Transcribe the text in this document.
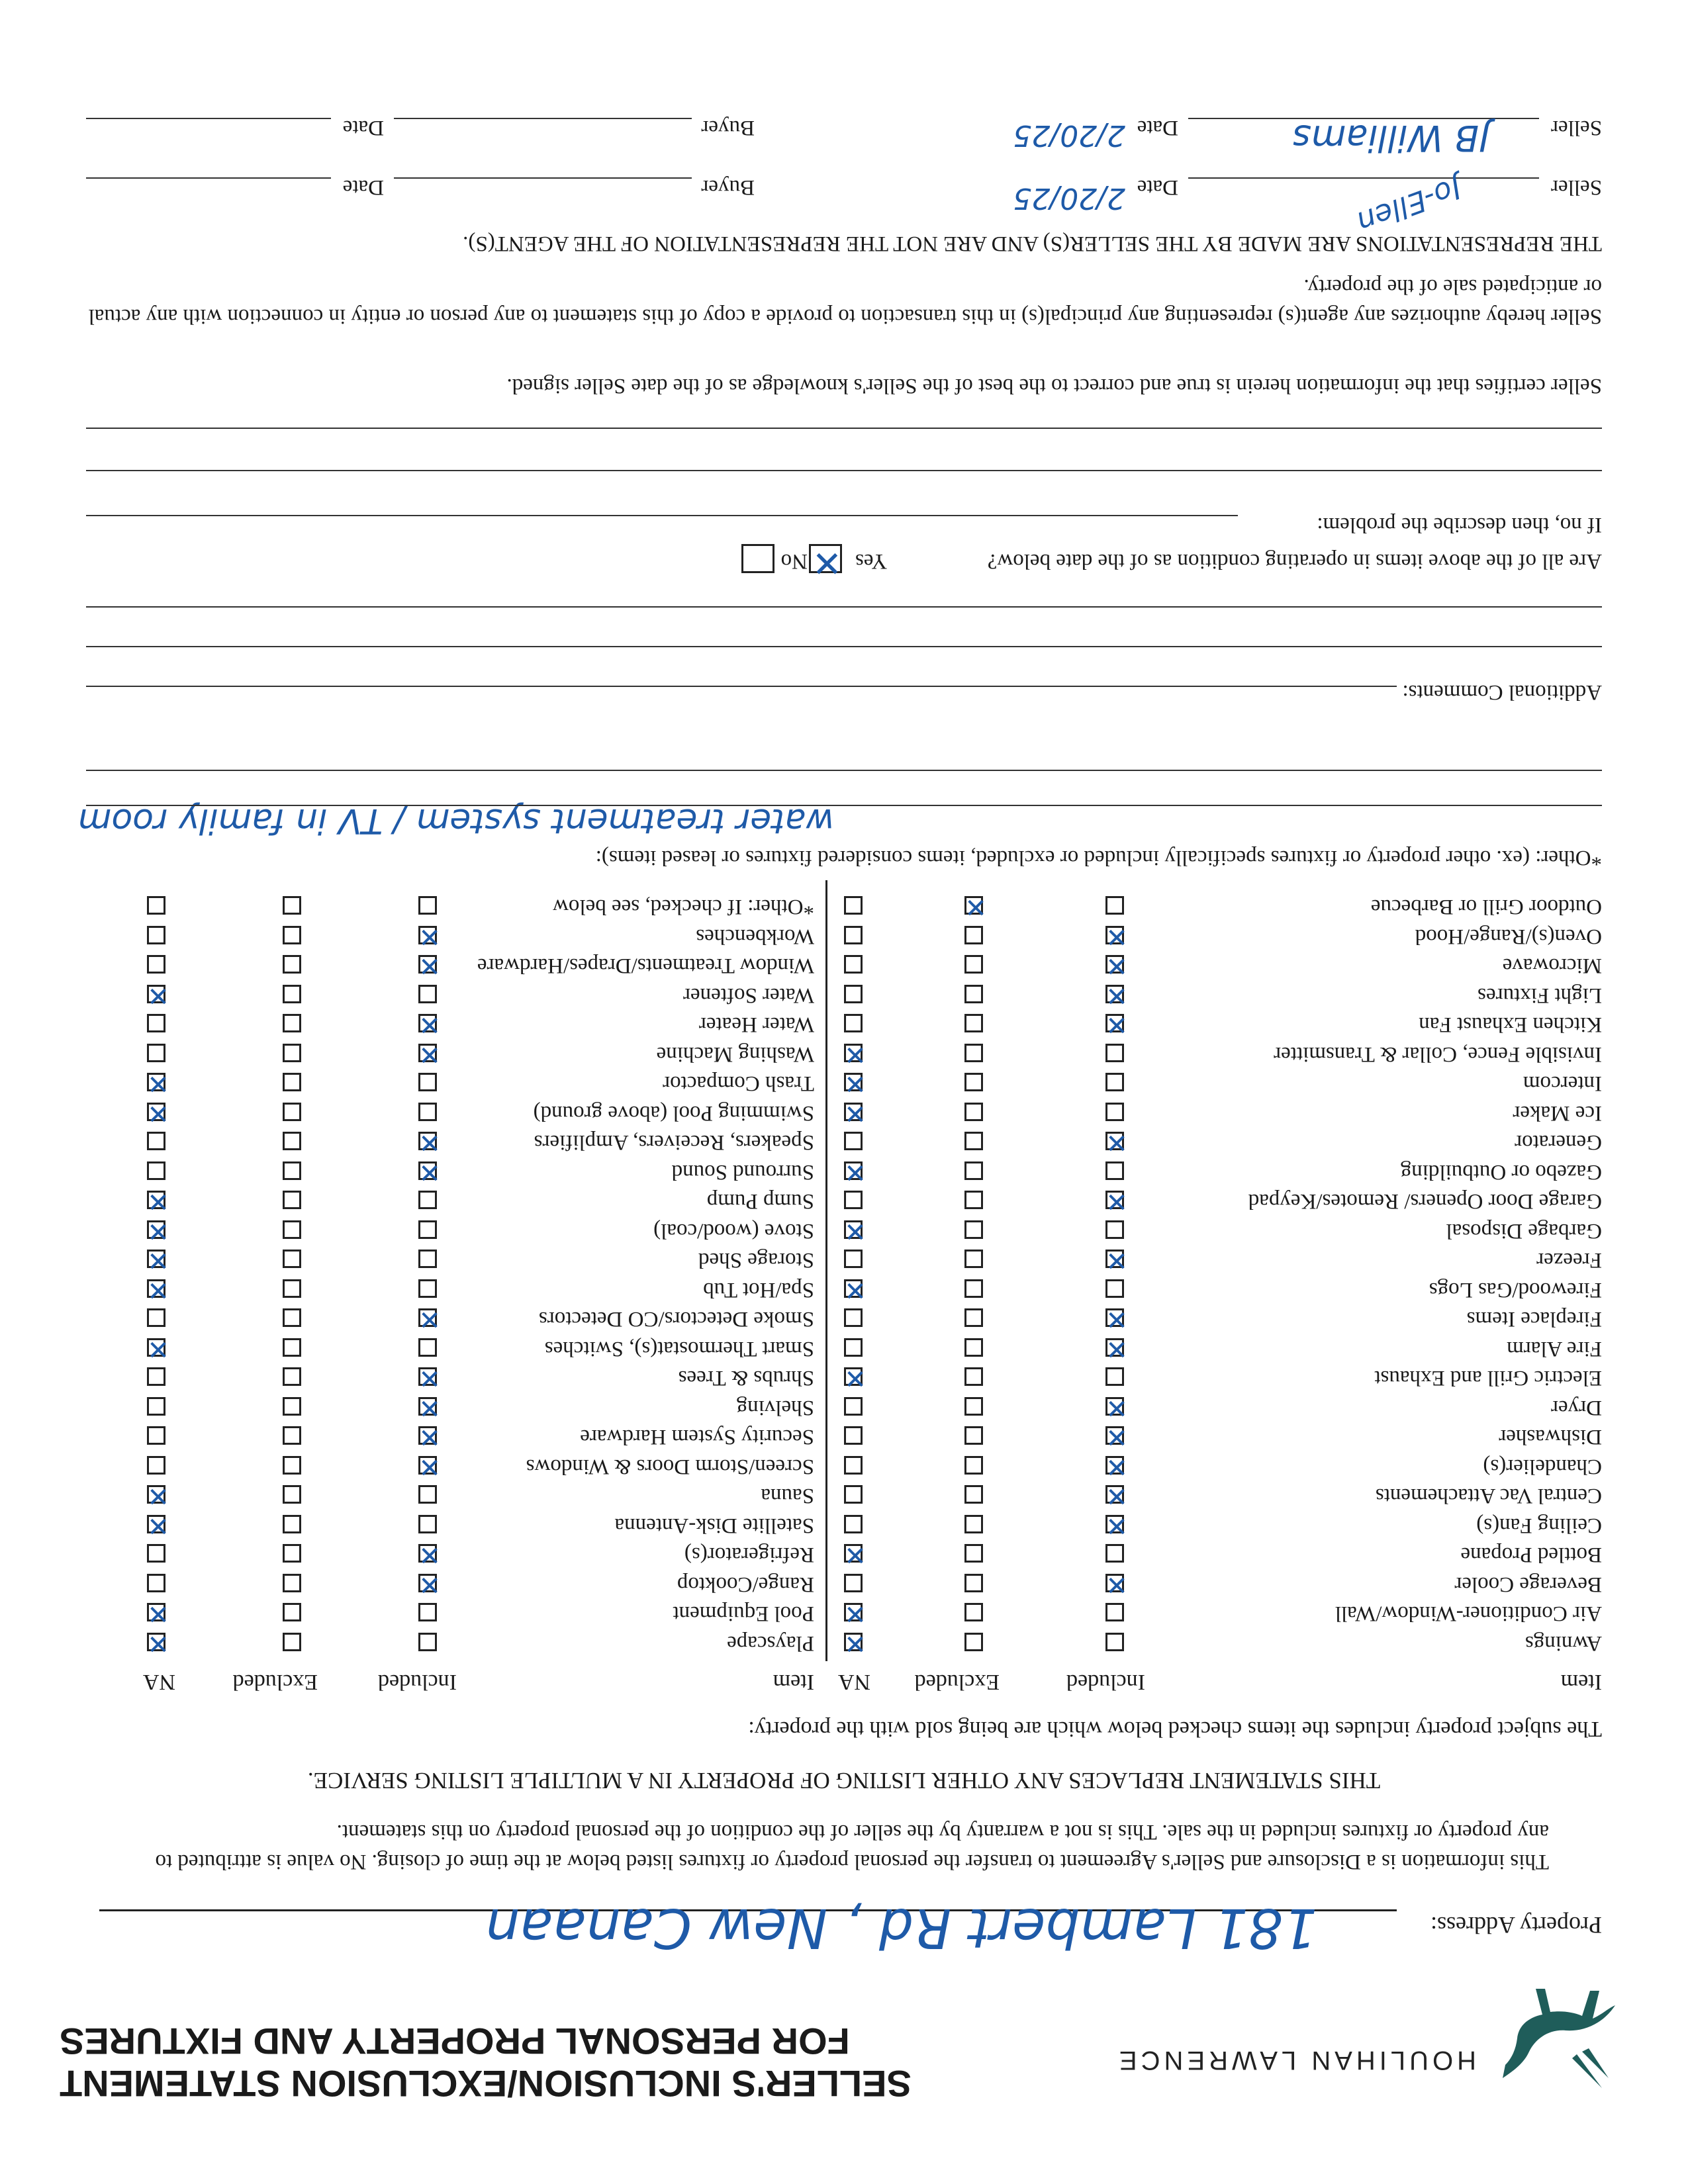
HOULIHAN LAWRENCE
SELLER'S INCLUSION/EXCLUSION STATEMENT
FOR PERSONAL PROPERTY AND FIXTURES
Property Address:
181 Lambert Rd , New Canaan
This information is a Disclosure and Seller's Agreement to transfer the personal property or fixtures listed below at the time of closing. No value is attributed to any property or fixtures included in the sale. This is not a warranty by the seller of the condition of the personal property on this statement.
THIS STATEMENT REPLACES ANY OTHER LISTING OF PROPERTY IN A MULTIPLE LISTING SERVICE.
The subject property includes the items checked below which are being sold with the property:
Item
Included
Excluded
NA
Item
Included
Excluded
NA
Awnings
✕
Air Conditioner-Window/Wall
✕
Beverage Cooler
✕
Bottled Propane
✕
Ceiling Fan(s)
✕
Central Vac Attachements
✕
Chandelier(s)
✕
Dishwasher
✕
Dryer
✕
Electric Grill and Exhaust
✕
Fire Alarm
✕
Fireplace Items
✕
Firewood/Gas Logs
✕
Freezer
✕
Garbage Disposal
✕
Garage Door Openers/ Remotes/Keypad
✕
Gazebo or Outbuilding
✕
Generator
✕
Ice Maker
✕
Intercom
✕
Invisible Fence, Collar & Transmitter
✕
Kitchen Exhaust Fan
✕
Light Fixtures
✕
Microwave
✕
Oven(s)/Range/Hood
✕
Outdoor Grill or Barbecue
✕
Playscape
✕
Pool Equipment
✕
Range/Cooktop
✕
Refrigerator(s)
✕
Satellite Disk-Antenna
✕
Sauna
✕
Screen/Storm Doors & Windows
✕
Security System Hardware
✕
Shelving
✕
Shrubs & Trees
✕
Smart Thermostat(s), Switches
✕
Smoke Detectors/CO Detectors
✕
Spa/Hot Tub
✕
Storage Shed
✕
Stove (wood/coal)
✕
Sump Pump
✕
Surround Sound
✕
Speakers, Receivers, Amplifiers
✕
Swimming Pool (above ground)
✕
Trash Compactor
✕
Washing Machine
✕
Water Heater
✕
Water Softener
✕
Window Treatments/Drapes/Hardware
✕
Workbenches
✕
*Other: If checked, see below
*Other: (ex. other property or fixtures specifically included or excluded, items considered fixtures or leased items):
water treatment system / TV in family room
Additional Comments:
Are all of the above items in operating condition as of the date below?
Yes
✕
No
If no, then describe the problem:
Seller certifies that the information herein is true and correct to the best of the Seller's knowledge as of the date Seller signed.
Seller hereby authorizes any agent(s) representing any principal(s) in this transaction to provide a copy of this statement to any person or entity in connection with any actual or anticipated sale of the property.
THE REPRESENTATIONS ARE MADE BY THE SELLER(S) AND ARE NOT THE REPRESENTATION OF THE AGENT(S).
Seller
Jo-Ellen
Date
2/20/25
Buyer
Date
Seller
JB Williams
Date
2/20/25
Buyer
Date
